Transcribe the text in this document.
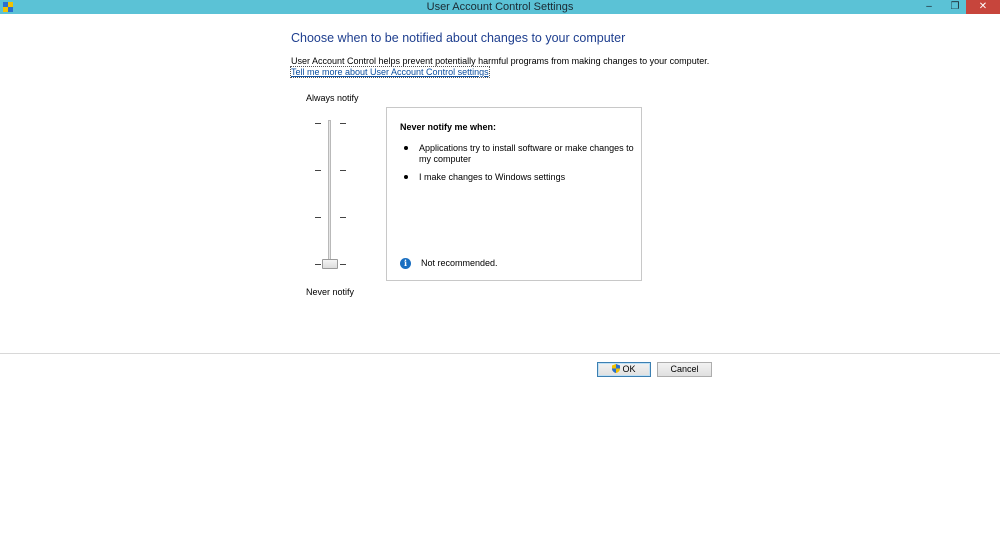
User Account Control Settings	–	❐	✕
Choose when to be notified about changes to your computer
User Account Control helps prevent potentially harmful programs from making changes to your computer.
Tell me more about User Account Control settings
Always notify
Never notify
Never notify me when:
Applications try to install software or make changes to my computer
I make changes to Windows settings
i	Not recommended.
OK	Cancel
